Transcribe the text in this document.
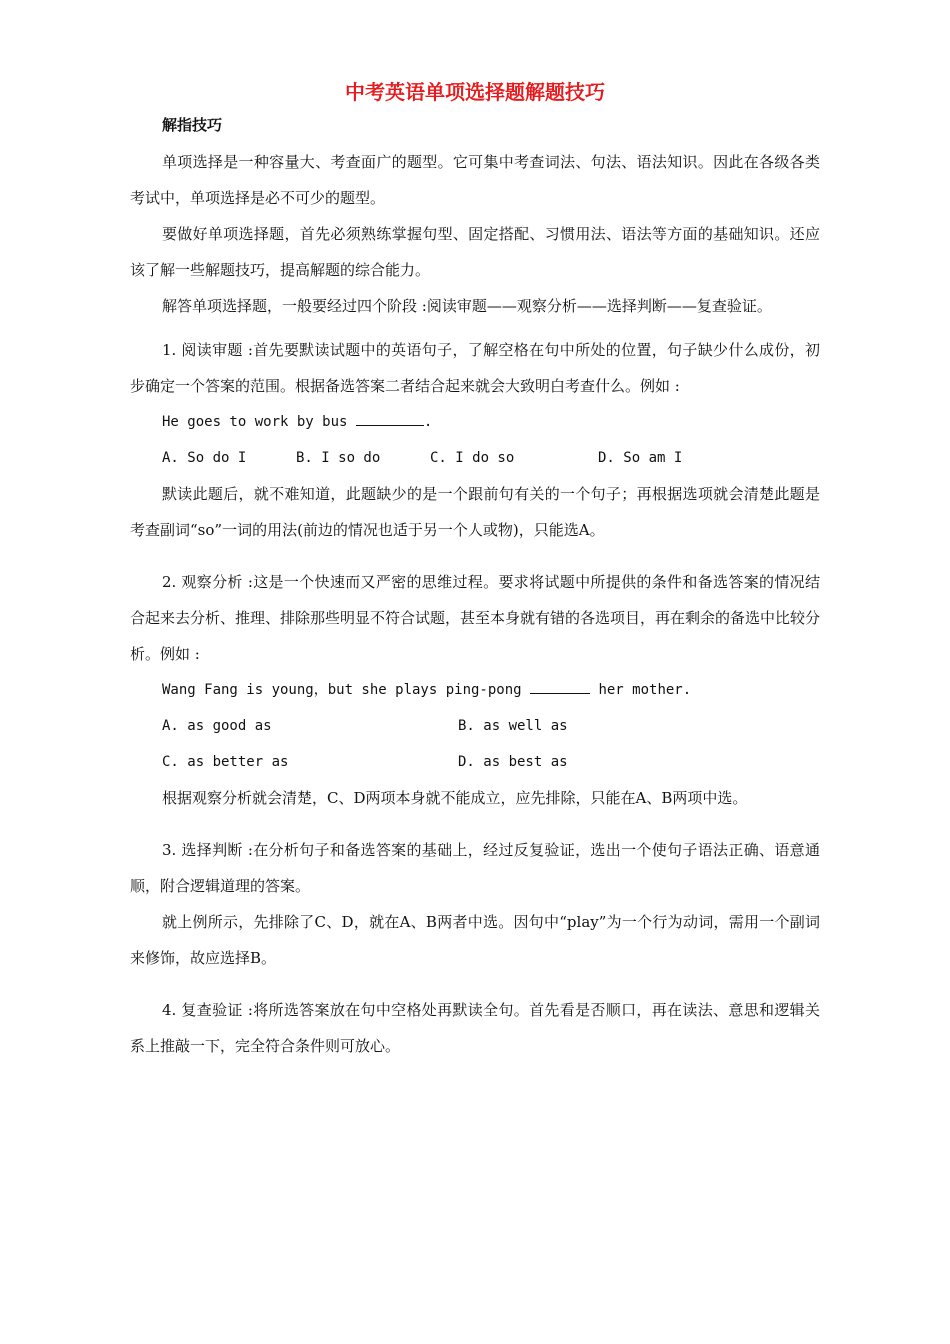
中考英语单项选择题解题技巧
解指技巧

单项选择是一种容量大、考查面广的题型。它可集中考查词法、句法、语法知识。因此在各级各类考试中，单项选择是必不可少的题型。

要做好单项选择题，首先必须熟练掌握句型、固定搭配、习惯用法、语法等方面的基础知识。还应该了解一些解题技巧，提高解题的综合能力。

解答单项选择题，一般要经过四个阶段 :阅读审题——观察分析——选择判断——复查验证。

1. 阅读审题 :首先要默读试题中的英语句子，了解空格在句中所处的位置，句子缺少什么成份，初步确定一个答案的范围。根据备选答案二者结合起来就会大致明白考查什么。例如 :

He goes to work by bus	.
A. So do I	B. I so do	C. I do so	D. So am I

默读此题后，就不难知道，此题缺少的是一个跟前句有关的一个句子；再根据选项就会清楚此题是考查副词“so”一词的用法(前边的情况也适于另一个人或物)，只能选A。

2. 观察分析 :这是一个快速而又严密的思维过程。要求将试题中所提供的条件和备选答案的情况结合起来去分析、推理、排除那些明显不符合试题，甚至本身就有错的各选项目，再在剩余的备选中比较分析。例如 :

Wang Fang is young，but she plays ping-pong	her mother.
A. as good as	B. as well as
C. as better as	D. as best as

根据观察分析就会清楚，C、D两项本身就不能成立，应先排除，只能在A、B两项中选。

3. 选择判断 :在分析句子和备选答案的基础上，经过反复验证，选出一个使句子语法正确、语意通顺，附合逻辑道理的答案。

就上例所示，先排除了C、D，就在A、B两者中选。因句中“play”为一个行为动词，需用一个副词来修饰，故应选择B。

4. 复查验证 :将所选答案放在句中空格处再默读全句。首先看是否顺口，再在读法、意思和逻辑关系上推敲一下，完全符合条件则可放心。
